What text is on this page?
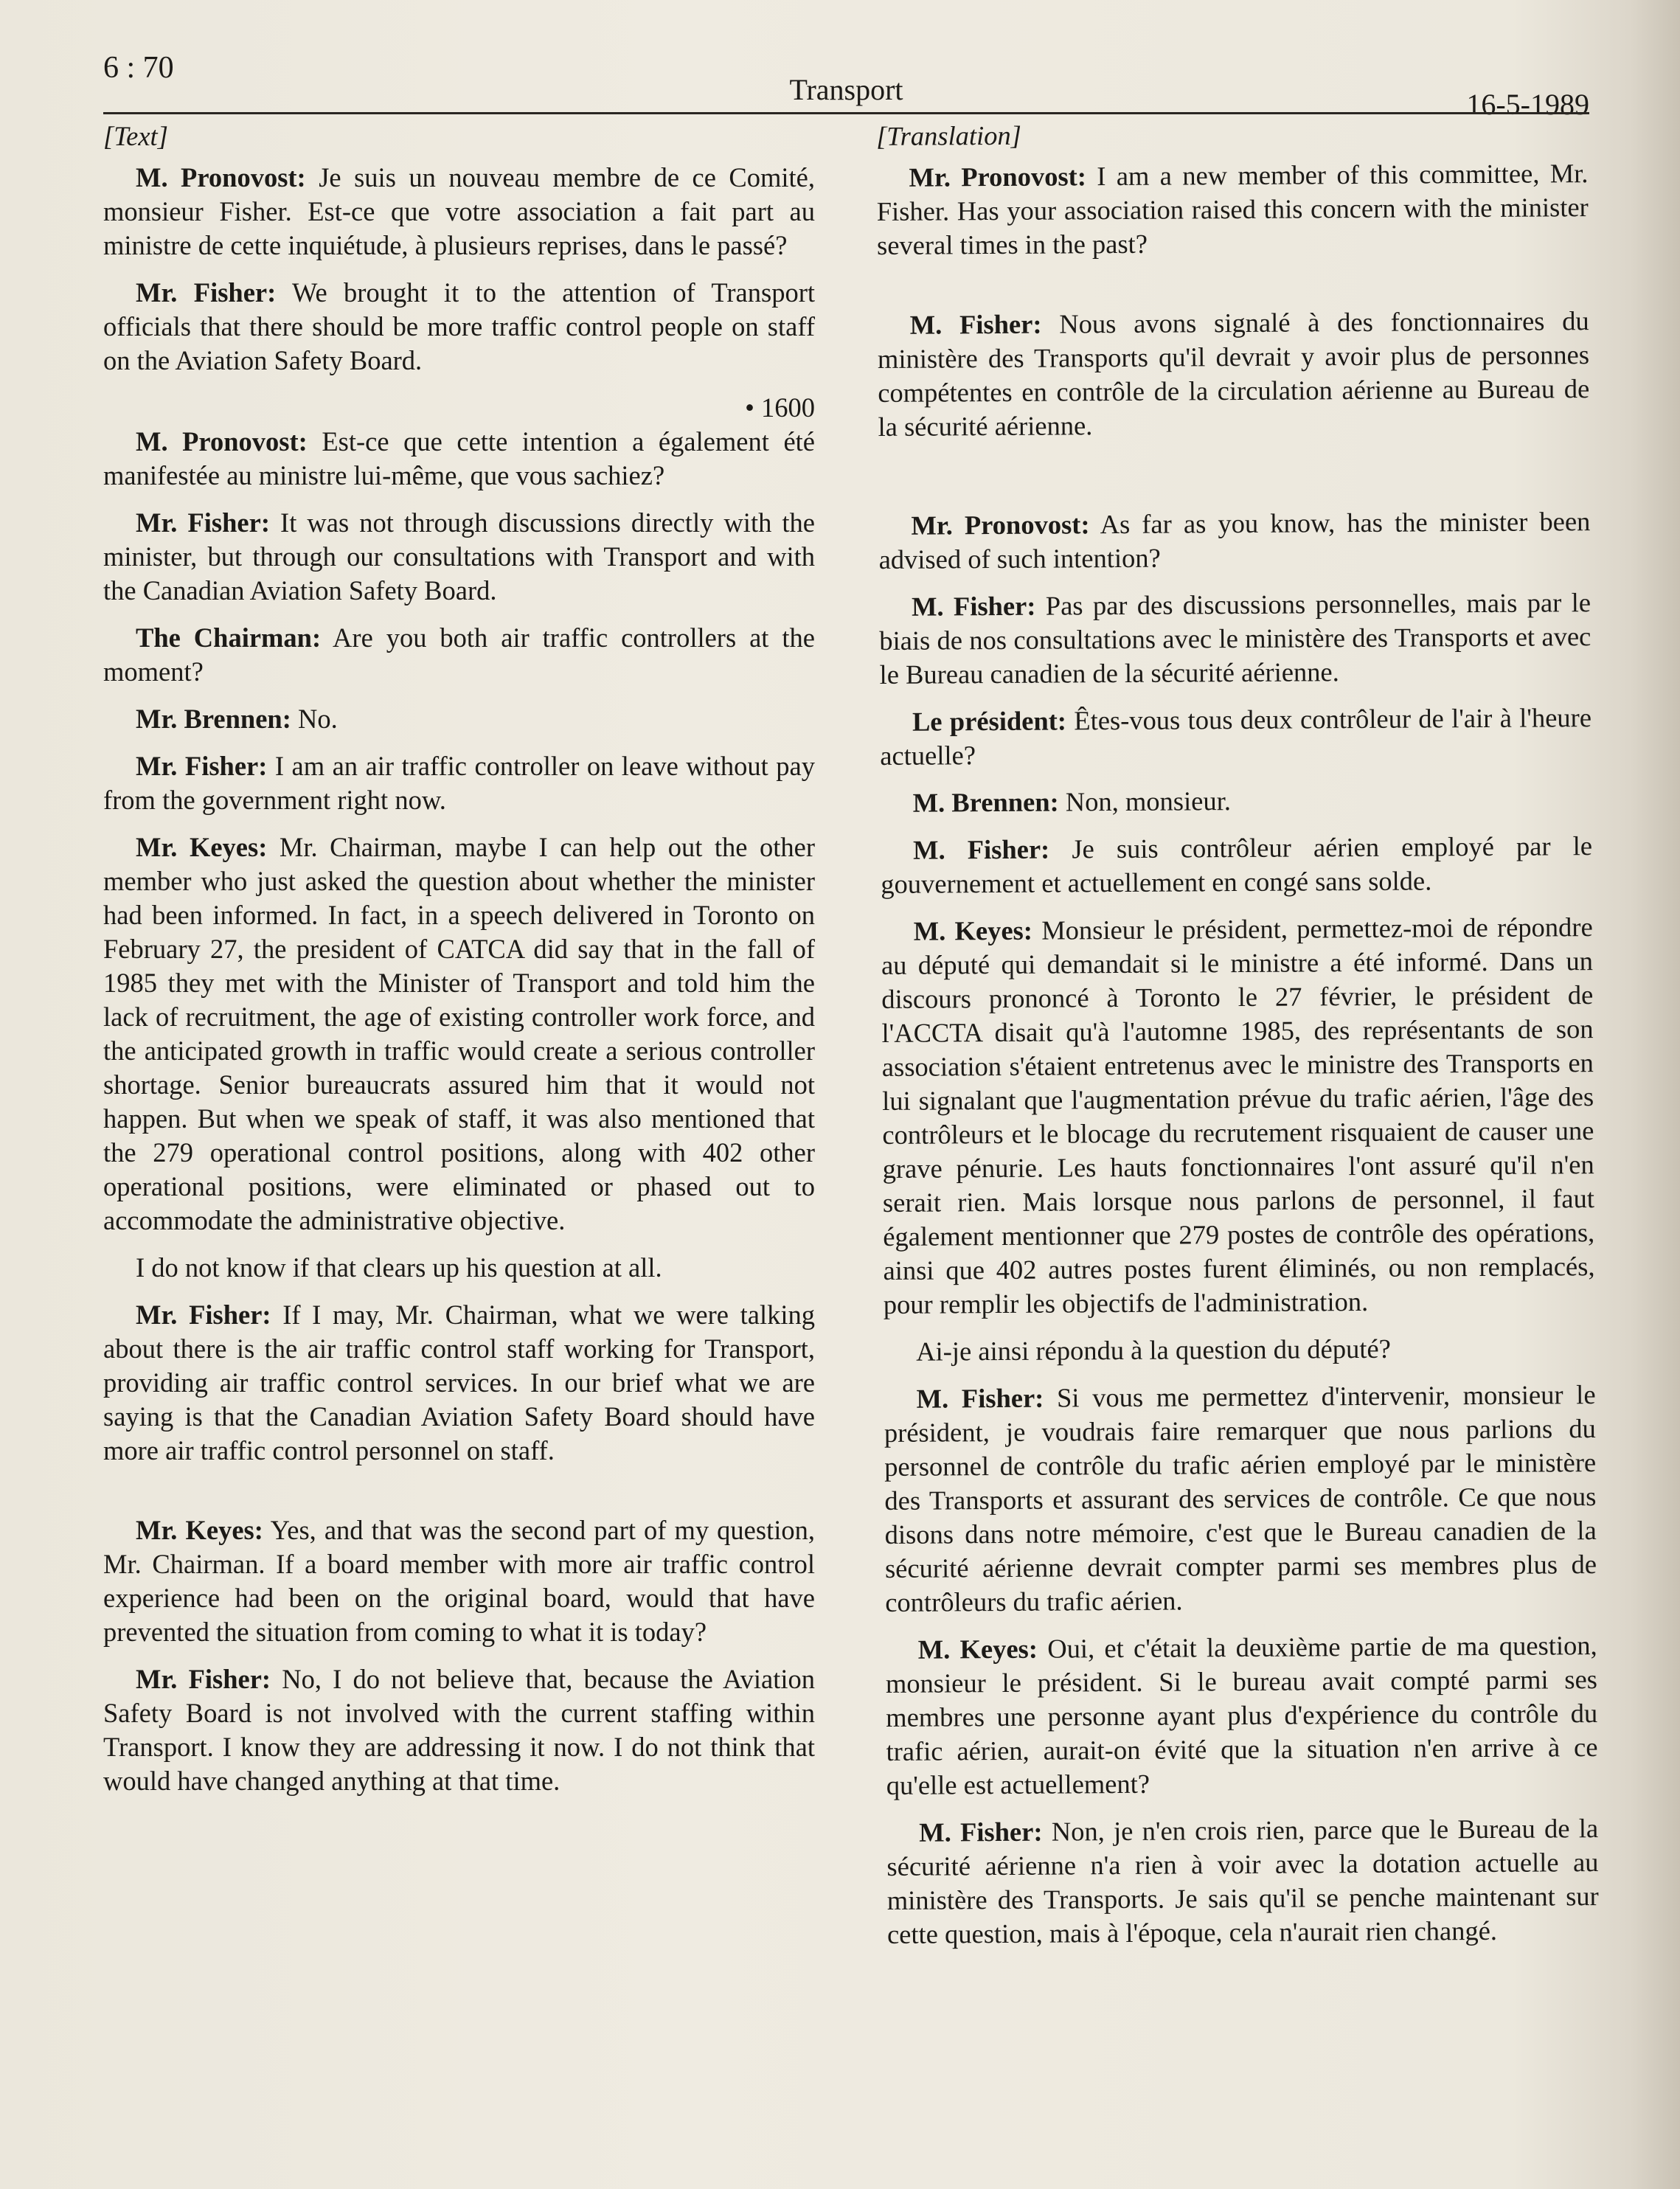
6 : 70
Transport	16-5-1989
[Text]

M. Pronovost: Je suis un nouveau membre de ce Comité, monsieur Fisher. Est-ce que votre association a fait part au ministre de cette inquiétude, à plusieurs reprises, dans le passé?

Mr. Fisher: We brought it to the attention of Transport officials that there should be more traffic control people on staff on the Aviation Safety Board.

• 1600

M. Pronovost: Est-ce que cette intention a également été manifestée au ministre lui-même, que vous sachiez?

Mr. Fisher: It was not through discussions directly with the minister, but through our consultations with Transport and with the Canadian Aviation Safety Board.

The Chairman: Are you both air traffic controllers at the moment?

Mr. Brennen: No.

Mr. Fisher: I am an air traffic controller on leave without pay from the government right now.

Mr. Keyes: Mr. Chairman, maybe I can help out the other member who just asked the question about whether the minister had been informed. In fact, in a speech delivered in Toronto on February 27, the president of CATCA did say that in the fall of 1985 they met with the Minister of Transport and told him the lack of recruitment, the age of existing controller work force, and the anticipated growth in traffic would create a serious controller shortage. Senior bureaucrats assured him that it would not happen. But when we speak of staff, it was also mentioned that the 279 operational control positions, along with 402 other operational positions, were eliminated or phased out to accommodate the administrative objective.

I do not know if that clears up his question at all.

Mr. Fisher: If I may, Mr. Chairman, what we were talking about there is the air traffic control staff working for Transport, providing air traffic control services. In our brief what we are saying is that the Canadian Aviation Safety Board should have more air traffic control personnel on staff.

Mr. Keyes: Yes, and that was the second part of my question, Mr. Chairman. If a board member with more air traffic control experience had been on the original board, would that have prevented the situation from coming to what it is today?

Mr. Fisher: No, I do not believe that, because the Aviation Safety Board is not involved with the current staffing within Transport. I know they are addressing it now. I do not think that would have changed anything at that time.

[Translation]

Mr. Pronovost: I am a new member of this committee, Mr. Fisher. Has your association raised this concern with the minister several times in the past?

M. Fisher: Nous avons signalé à des fonctionnaires du ministère des Transports qu'il devrait y avoir plus de personnes compétentes en contrôle de la circulation aérienne au Bureau de la sécurité aérienne.

Mr. Pronovost: As far as you know, has the minister been advised of such intention?

M. Fisher: Pas par des discussions personnelles, mais par le biais de nos consultations avec le ministère des Transports et avec le Bureau canadien de la sécurité aérienne.

Le président: Êtes-vous tous deux contrôleur de l'air à l'heure actuelle?

M. Brennen: Non, monsieur.

M. Fisher: Je suis contrôleur aérien employé par le gouvernement et actuellement en congé sans solde.

M. Keyes: Monsieur le président, permettez-moi de répondre au député qui demandait si le ministre a été informé. Dans un discours prononcé à Toronto le 27 février, le président de l'ACCTA disait qu'à l'automne 1985, des représentants de son association s'étaient entretenus avec le ministre des Transports en lui signalant que l'augmentation prévue du trafic aérien, l'âge des contrôleurs et le blocage du recrutement risquaient de causer une grave pénurie. Les hauts fonctionnaires l'ont assuré qu'il n'en serait rien. Mais lorsque nous parlons de personnel, il faut également mentionner que 279 postes de contrôle des opérations, ainsi que 402 autres postes furent éliminés, ou non remplacés, pour remplir les objectifs de l'administration.

Ai-je ainsi répondu à la question du député?

M. Fisher: Si vous me permettez d'intervenir, monsieur le président, je voudrais faire remarquer que nous parlions du personnel de contrôle du trafic aérien employé par le ministère des Transports et assurant des services de contrôle. Ce que nous disons dans notre mémoire, c'est que le Bureau canadien de la sécurité aérienne devrait compter parmi ses membres plus de contrôleurs du trafic aérien.

M. Keyes: Oui, et c'était la deuxième partie de ma question, monsieur le président. Si le bureau avait compté parmi ses membres une personne ayant plus d'expérience du contrôle du trafic aérien, aurait-on évité que la situation n'en arrive à ce qu'elle est actuellement?

M. Fisher: Non, je n'en crois rien, parce que le Bureau de la sécurité aérienne n'a rien à voir avec la dotation actuelle au ministère des Transports. Je sais qu'il se penche maintenant sur cette question, mais à l'époque, cela n'aurait rien changé.
